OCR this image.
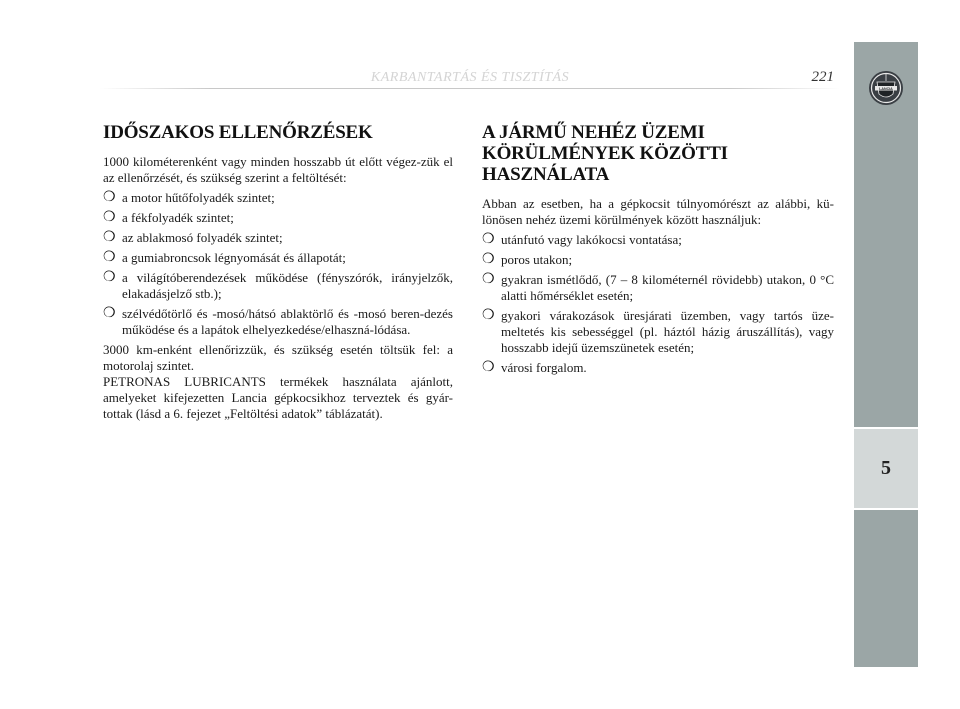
KARBANTARTÁS ÉS TISZTÍTÁS	221
5
LANCIA
IDŐSZAKOS ELLENŐRZÉSEK

1000 kilométerenként vagy minden hosszabb út előtt végez-zük el az ellenőrzését, és szükség szerint a feltöltését:

❍ a motor hűtőfolyadék szintet;
❍ a fékfolyadék szintet;
❍ az ablakmosó folyadék szintet;
❍ a gumiabroncsok légnyomását és állapotát;
❍ a világítóberendezések működése (fényszórók, irányjelzők, elakadásjelző stb.);
❍ szélvédőtörlő és -mosó/hátsó ablaktörlő és -mosó beren-dezés működése és a lapátok elhelyezkedése/elhaszná-lódása.

3000 km-enként ellenőrizzük, és szükség esetén töltsük fel: a motorolaj szintet.

PETRONAS LUBRICANTS termékek használata ajánlott, amelyeket kifejezetten Lancia gépkocsikhoz terveztek és gyár-tottak (lásd a 6. fejezet „Feltöltési adatok” táblázatát).

A JÁRMŰ NEHÉZ ÜZEMI KÖRÜLMÉNYEK KÖZÖTTI HASZNÁLATA

Abban az esetben, ha a gépkocsit túlnyomórészt az alábbi, kü-lönösen nehéz üzemi körülmények között használjuk:

❍ utánfutó vagy lakókocsi vontatása;
❍ poros utakon;
❍ gyakran ismétlődő, (7 – 8 kilométernél rövidebb) utakon, 0 °C alatti hőmérséklet esetén;
❍ gyakori várakozások üresjárati üzemben, vagy tartós üze-meltetés kis sebességgel (pl. háztól házig áruszállítás), vagy hosszabb idejű üzemszünetek esetén;
❍ városi forgalom.
